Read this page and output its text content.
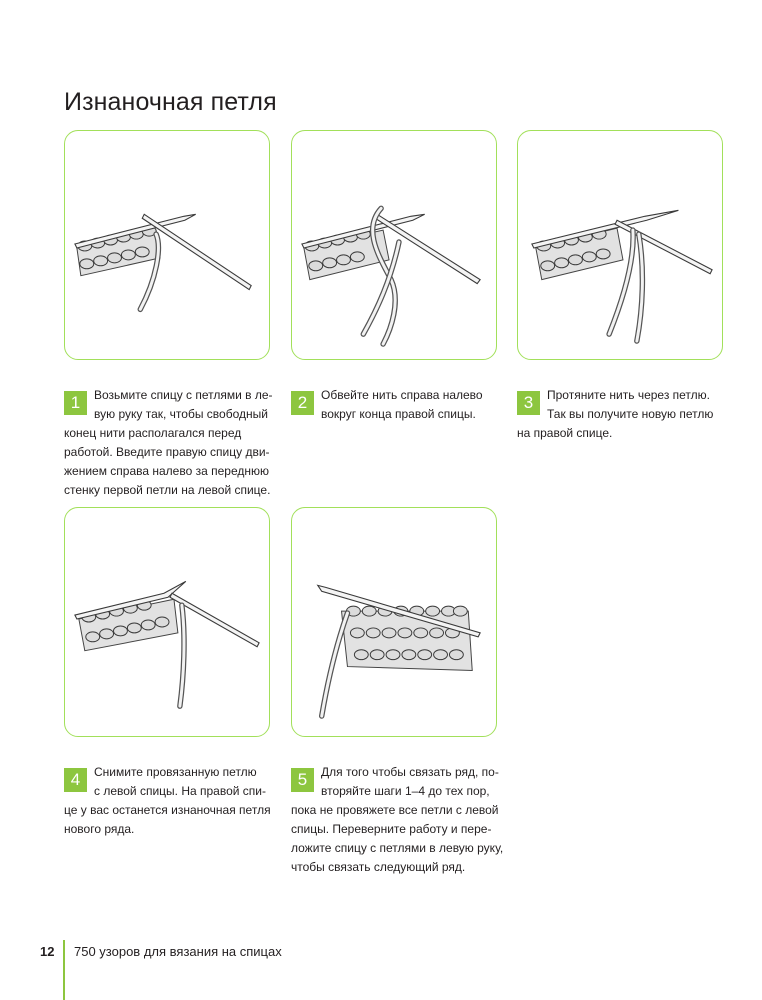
Изнаночная петля
1	Возьмите спицу с петлями в ле-

вую руку так, чтобы свободный

конец нити располагался перед

работой. Введите правую спицу дви-

жением справа налево за переднюю

стенку первой петли на левой спице.

2	Обвейте нить справа налево

вокруг конца правой спицы.

3	Протяните нить через петлю.

Так вы получите новую петлю

на правой спице.

4	Снимите провязанную петлю

с левой спицы. На правой спи-

це у вас останется изнаночная петля

нового ряда.

5	Для того чтобы связать ряд, по-

вторяйте шаги 1–4 до тех пор,

пока не провяжете все петли с левой

спицы. Переверните работу и пере-

ложите спицу с петлями в левую руку,

чтобы связать следующий ряд.

12 750 узоров для вязания на спицах
